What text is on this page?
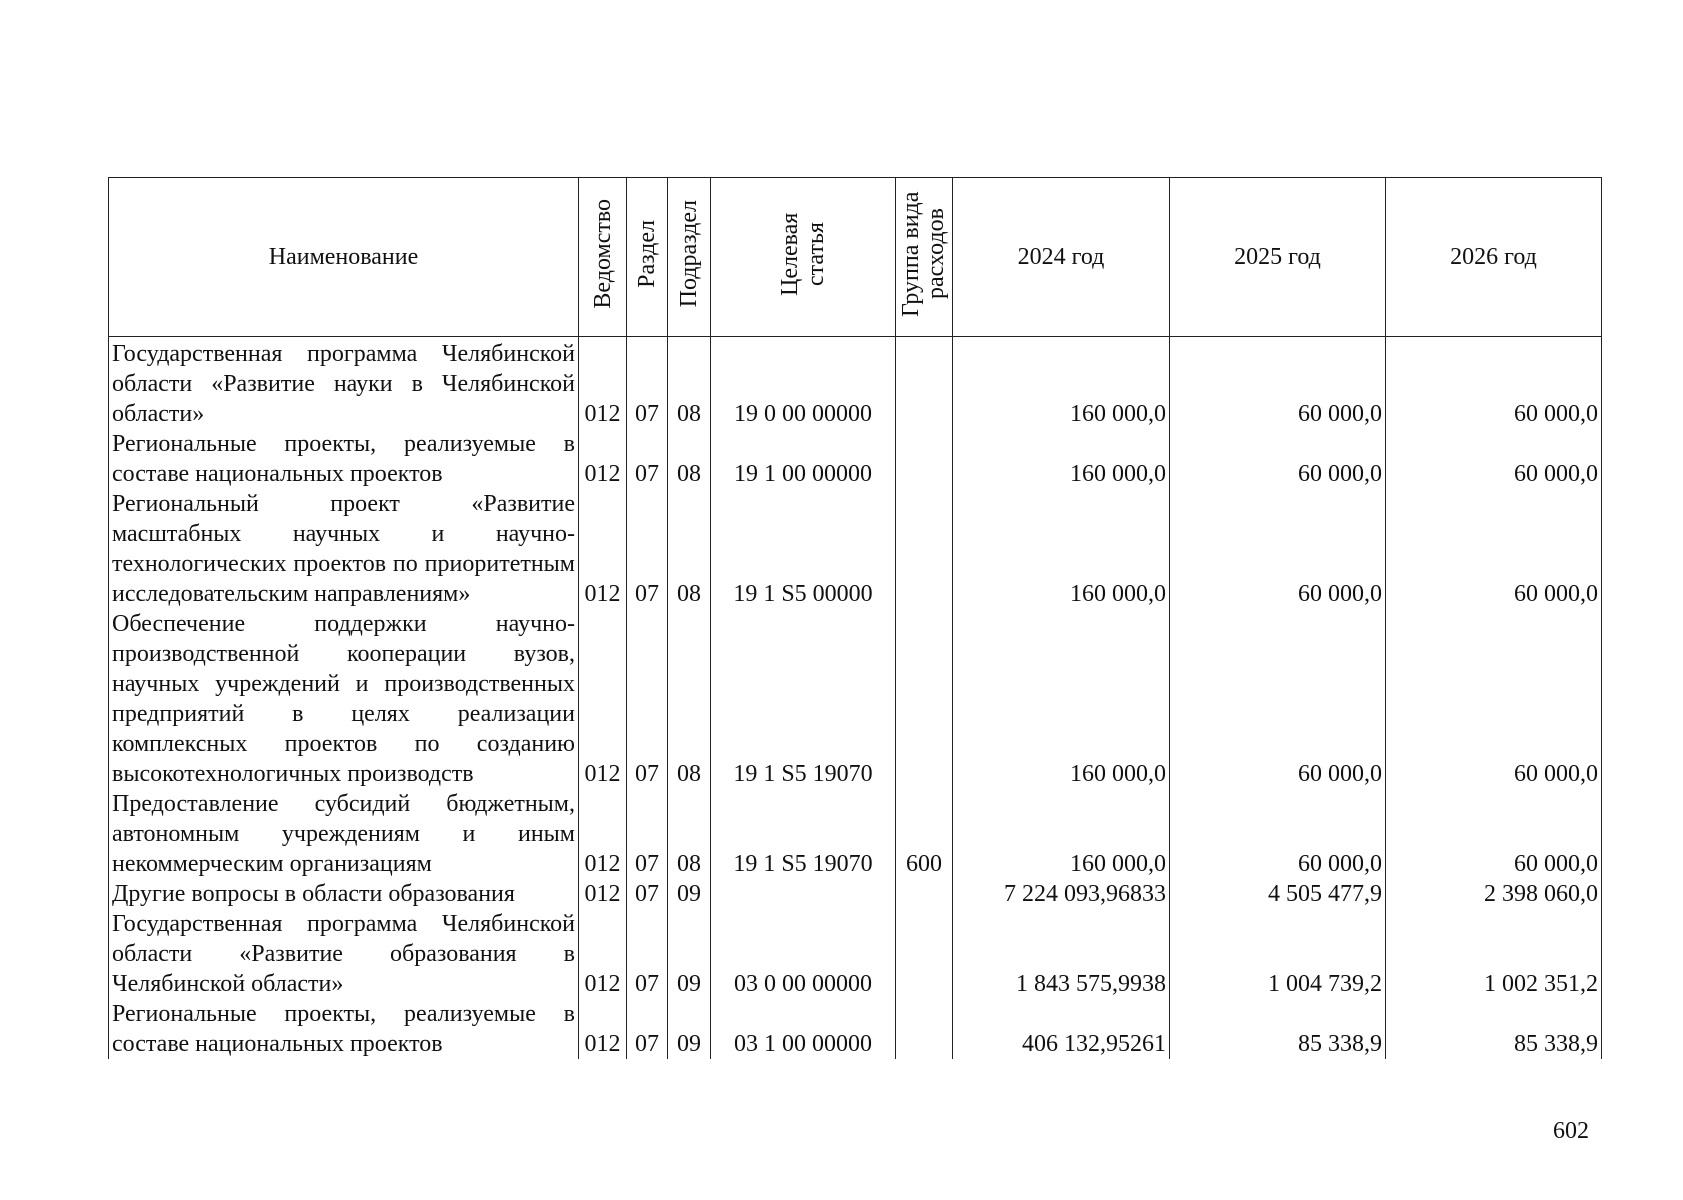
Наименование	Ведомство	Раздел	Подраздел	Целевая статья	Группа вида расходов	2024 год	2025 год	2026 год
Государственная программа Челябинской области «Развитие науки в Челябинской области»	012	07	08	19 0 00 00000		160 000,0	60 000,0	60 000,0
Региональные проекты, реализуемые в составе национальных проектов	012	07	08	19 1 00 00000		160 000,0	60 000,0	60 000,0
Региональный проект «Развитие масштабных научных и научно-технологических проектов по приоритетным исследовательским направлениям»	012	07	08	19 1 S5 00000		160 000,0	60 000,0	60 000,0
Обеспечение поддержки научно-производственной кооперации вузов, научных учреждений и производственных предприятий в целях реализации комплексных проектов по созданию высокотехнологичных производств	012	07	08	19 1 S5 19070		160 000,0	60 000,0	60 000,0
Предоставление субсидий бюджетным, автономным учреждениям и иным некоммерческим организациям	012	07	08	19 1 S5 19070	600	160 000,0	60 000,0	60 000,0
Другие вопросы в области образования	012	07	09			7 224 093,96833	4 505 477,9	2 398 060,0
Государственная программа Челябинской области «Развитие образования в Челябинской области»	012	07	09	03 0 00 00000		1 843 575,9938	1 004 739,2	1 002 351,2
Региональные проекты, реализуемые в составе национальных проектов	012	07	09	03 1 00 00000		406 132,95261	85 338,9	85 338,9
602
